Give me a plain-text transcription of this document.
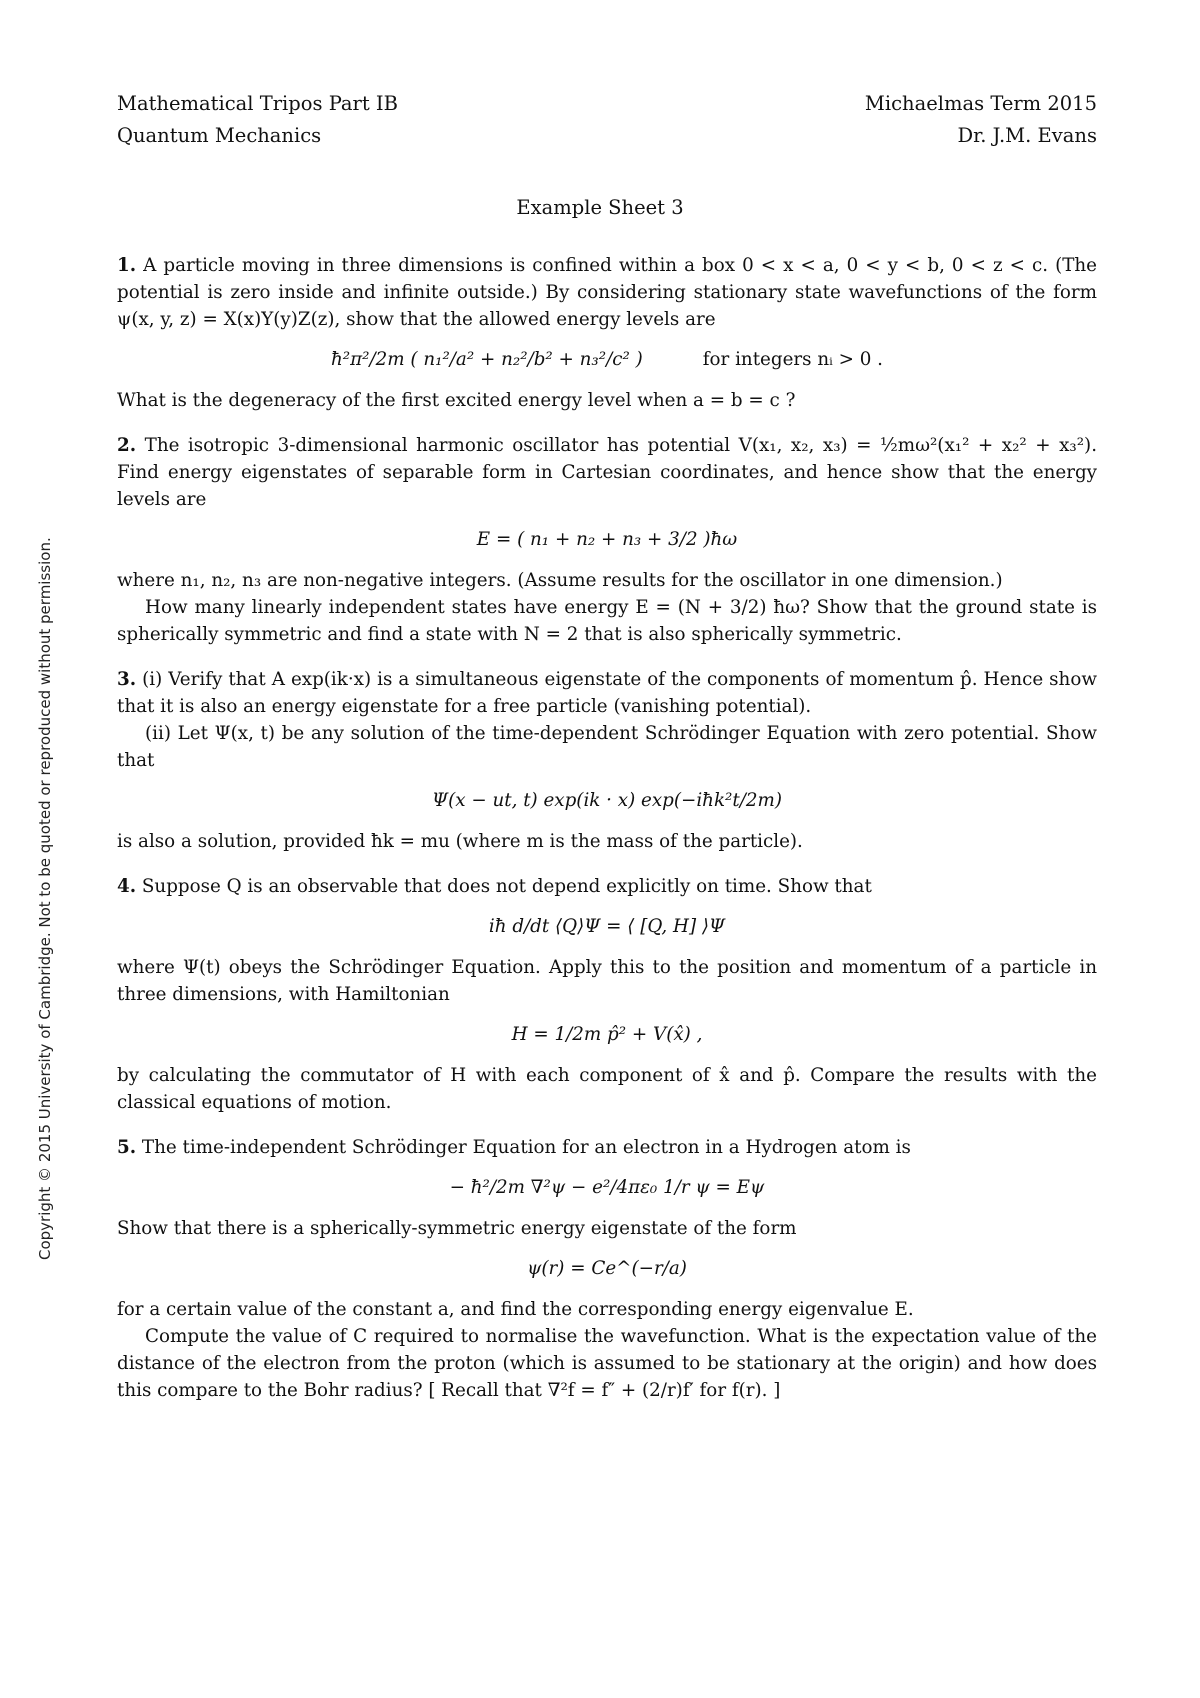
Copyright © 2015 University of Cambridge. Not to be quoted or reproduced without permission.
Mathematical Tripos Part IB	Michaelmas Term 2015
Quantum Mechanics	Dr. J.M. Evans
Example Sheet 3

1. A particle moving in three dimensions is confined within a box 0 < x < a, 0 < y < b, 0 < z < c. (The potential is zero inside and infinite outside.) By considering stationary state wavefunctions of the form ψ(x, y, z) = X(x)Y(y)Z(z), show that the allowed energy levels are

ħ²π²/2m ( n₁²/a² + n₂²/b² + n₃²/c² )	for integers nᵢ > 0 .

What is the degeneracy of the first excited energy level when a = b = c ?

2. The isotropic 3-dimensional harmonic oscillator has potential V(x₁, x₂, x₃) = ½mω²(x₁² + x₂² + x₃²). Find energy eigenstates of separable form in Cartesian coordinates, and hence show that the energy levels are

E = ( n₁ + n₂ + n₃ + 3/2 )ħω

where n₁, n₂, n₃ are non-negative integers. (Assume results for the oscillator in one dimension.)

How many linearly independent states have energy E = (N + 3/2) ħω? Show that the ground state is spherically symmetric and find a state with N = 2 that is also spherically symmetric.

3. (i) Verify that A exp(ik·x) is a simultaneous eigenstate of the components of momentum p̂. Hence show that it is also an energy eigenstate for a free particle (vanishing potential).

(ii) Let Ψ(x, t) be any solution of the time-dependent Schrödinger Equation with zero potential. Show that

Ψ(x − ut, t) exp(ik · x) exp(−iħk²t/2m)

is also a solution, provided ħk = mu (where m is the mass of the particle).

4. Suppose Q is an observable that does not depend explicitly on time. Show that

iħ d/dt ⟨Q⟩Ψ = ⟨ [Q, H] ⟩Ψ

where Ψ(t) obeys the Schrödinger Equation. Apply this to the position and momentum of a particle in three dimensions, with Hamiltonian

H = 1/2m p̂² + V(x̂) ,

by calculating the commutator of H with each component of x̂ and p̂. Compare the results with the classical equations of motion.

5. The time-independent Schrödinger Equation for an electron in a Hydrogen atom is

− ħ²/2m ∇²ψ − e²/4πε₀ 1/r ψ = Eψ

Show that there is a spherically-symmetric energy eigenstate of the form

ψ(r) = Ce^(−r/a)

for a certain value of the constant a, and find the corresponding energy eigenvalue E.

Compute the value of C required to normalise the wavefunction. What is the expectation value of the distance of the electron from the proton (which is assumed to be stationary at the origin) and how does this compare to the Bohr radius? [ Recall that ∇²f = f″ + (2/r)f′ for f(r). ]
